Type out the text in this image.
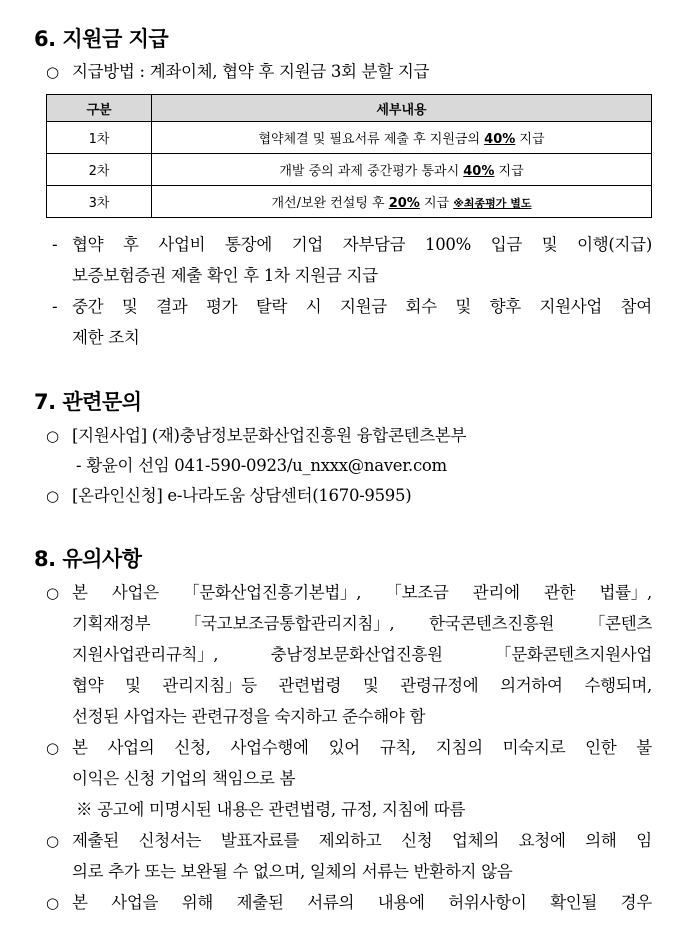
6. 지원금 지급
○ 지급방법 : 계좌이체, 협약 후 지원금 3회 분할 지급
구분	세부내용
1차	협약체결 및 필요서류 제출 후 지원금의 40% 지급
2차	개발 중의 과제 중간평가 통과시 40% 지급
3차	개선/보완 컨설팅 후 20% 지급 ※최종평가 별도
- 협약 후 사업비 통장에 기업 자부담금 100% 입금 및 이행(지급)
보증보험증권 제출 확인 후 1차 지원금 지급
- 중간 및 결과 평가 탈락 시 지원금 회수 및 향후 지원사업 참여
제한 조치
7. 관련문의
○ [지원사업] (재)충남정보문화산업진흥원 융합콘텐츠본부
- 황윤이 선임 041-590-0923/u_nxxx@naver.com
○ [온라인신청] e-나라도움 상담센터(1670-9595)
8. 유의사항
○ 본 사업은 「문화산업진흥기본법」, 「보조금 관리에 관한 법률」,
기획재정부 「국고보조금통합관리지침」, 한국콘텐츠진흥원 「콘텐츠
지원사업관리규칙」,	충남정보문화산업진흥원	「문화콘텐츠지원사업
협약 및 관리지침」등 관련법령 및 관령규정에 의거하여 수행되며,
선정된 사업자는 관련규정을 숙지하고 준수해야 함
○ 본 사업의 신청, 사업수행에 있어 규칙, 지침의 미숙지로 인한 불
이익은 신청 기업의 책임으로 봄
※ 공고에 미명시된 내용은 관련법령, 규정, 지침에 따름
○ 제출된 신청서는 발표자료를 제외하고 신청 업체의 요청에 의해 임
의로 추가 또는 보완될 수 없으며, 일체의 서류는 반환하지 않음
○ 본 사업을 위해 제출된 서류의 내용에 허위사항이 확인될 경우
